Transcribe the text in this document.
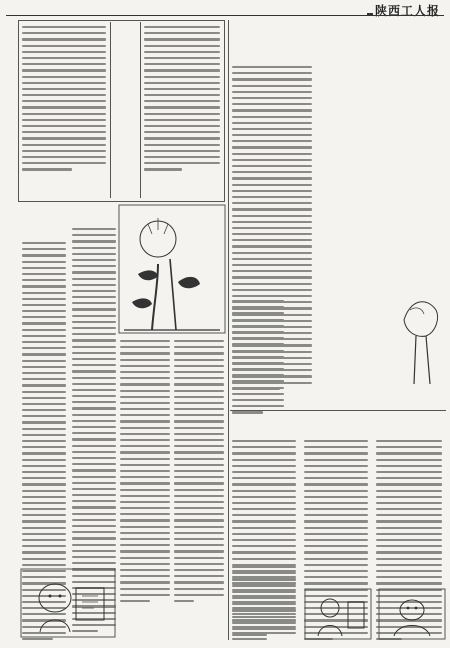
陕西工人报
